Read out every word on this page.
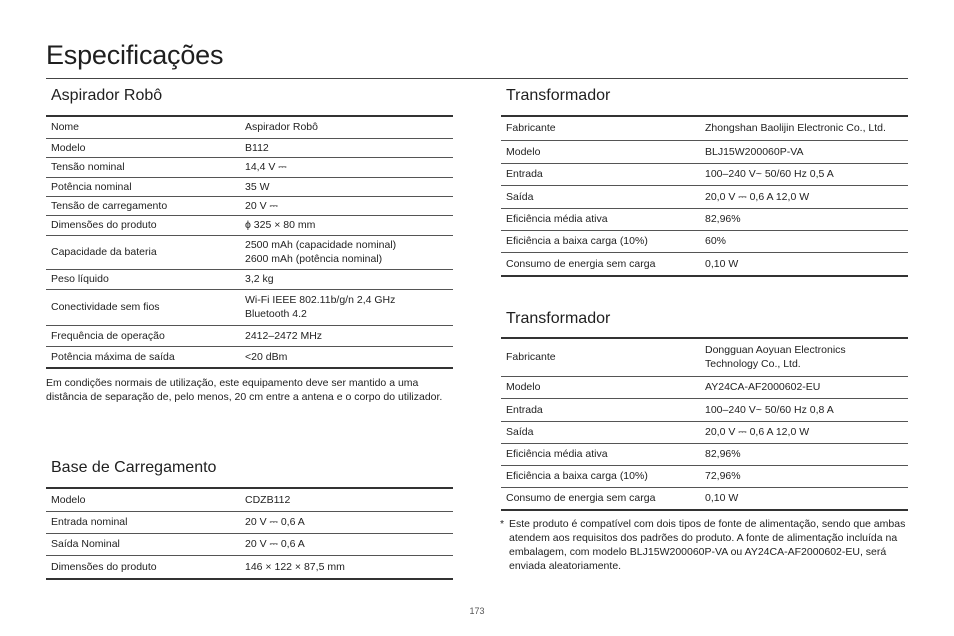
Especificações
Aspirador Robô
Nome	Aspirador Robô
Modelo	B112
Tensão nominal	14,4 V ⎓
Potência nominal	35 W
Tensão de carregamento	20 V ⎓
Dimensões do produto	ϕ 325 × 80 mm
Capacidade da bateria	2500 mAh (capacidade nominal)
2600 mAh (potência nominal)
Peso líquido	3,2 kg
Conectividade sem fios	Wi-Fi IEEE 802.11b/g/n 2,4 GHz
Bluetooth 4.2
Frequência de operação	2412–2472 MHz
Potência máxima de saída	<20 dBm
Em condições normais de utilização, este equipamento deve ser mantido a uma distância de separação de, pelo menos, 20 cm entre a antena e o corpo do utilizador.
Base de Carregamento
Modelo	CDZB112
Entrada nominal	20 V ⎓ 0,6 A
Saída Nominal	20 V ⎓ 0,6 A
Dimensões do produto	146 × 122 × 87,5 mm
Transformador
Fabricante	Zhongshan Baolijin Electronic Co., Ltd.
Modelo	BLJ15W200060P-VA
Entrada	100–240 V~ 50/60 Hz 0,5 A
Saída	20,0 V ⎓ 0,6 A 12,0 W
Eficiência média ativa	82,96%
Eficiência a baixa carga (10%)	60%
Consumo de energia sem carga	0,10 W
Transformador
Fabricante	Dongguan Aoyuan Electronics
Technology Co., Ltd.
Modelo	AY24CA-AF2000602-EU
Entrada	100–240 V~ 50/60 Hz 0,8 A
Saída	20,0 V ⎓ 0,6 A 12,0 W
Eficiência média ativa	82,96%
Eficiência a baixa carga (10%)	72,96%
Consumo de energia sem carga	0,10 W
* Este produto é compatível com dois tipos de fonte de alimentação, sendo que ambas atendem aos requisitos dos padrões do produto. A fonte de alimentação incluída na embalagem, com modelo BLJ15W200060P-VA ou AY24CA-AF2000602-EU, será enviada aleatoriamente.
173
